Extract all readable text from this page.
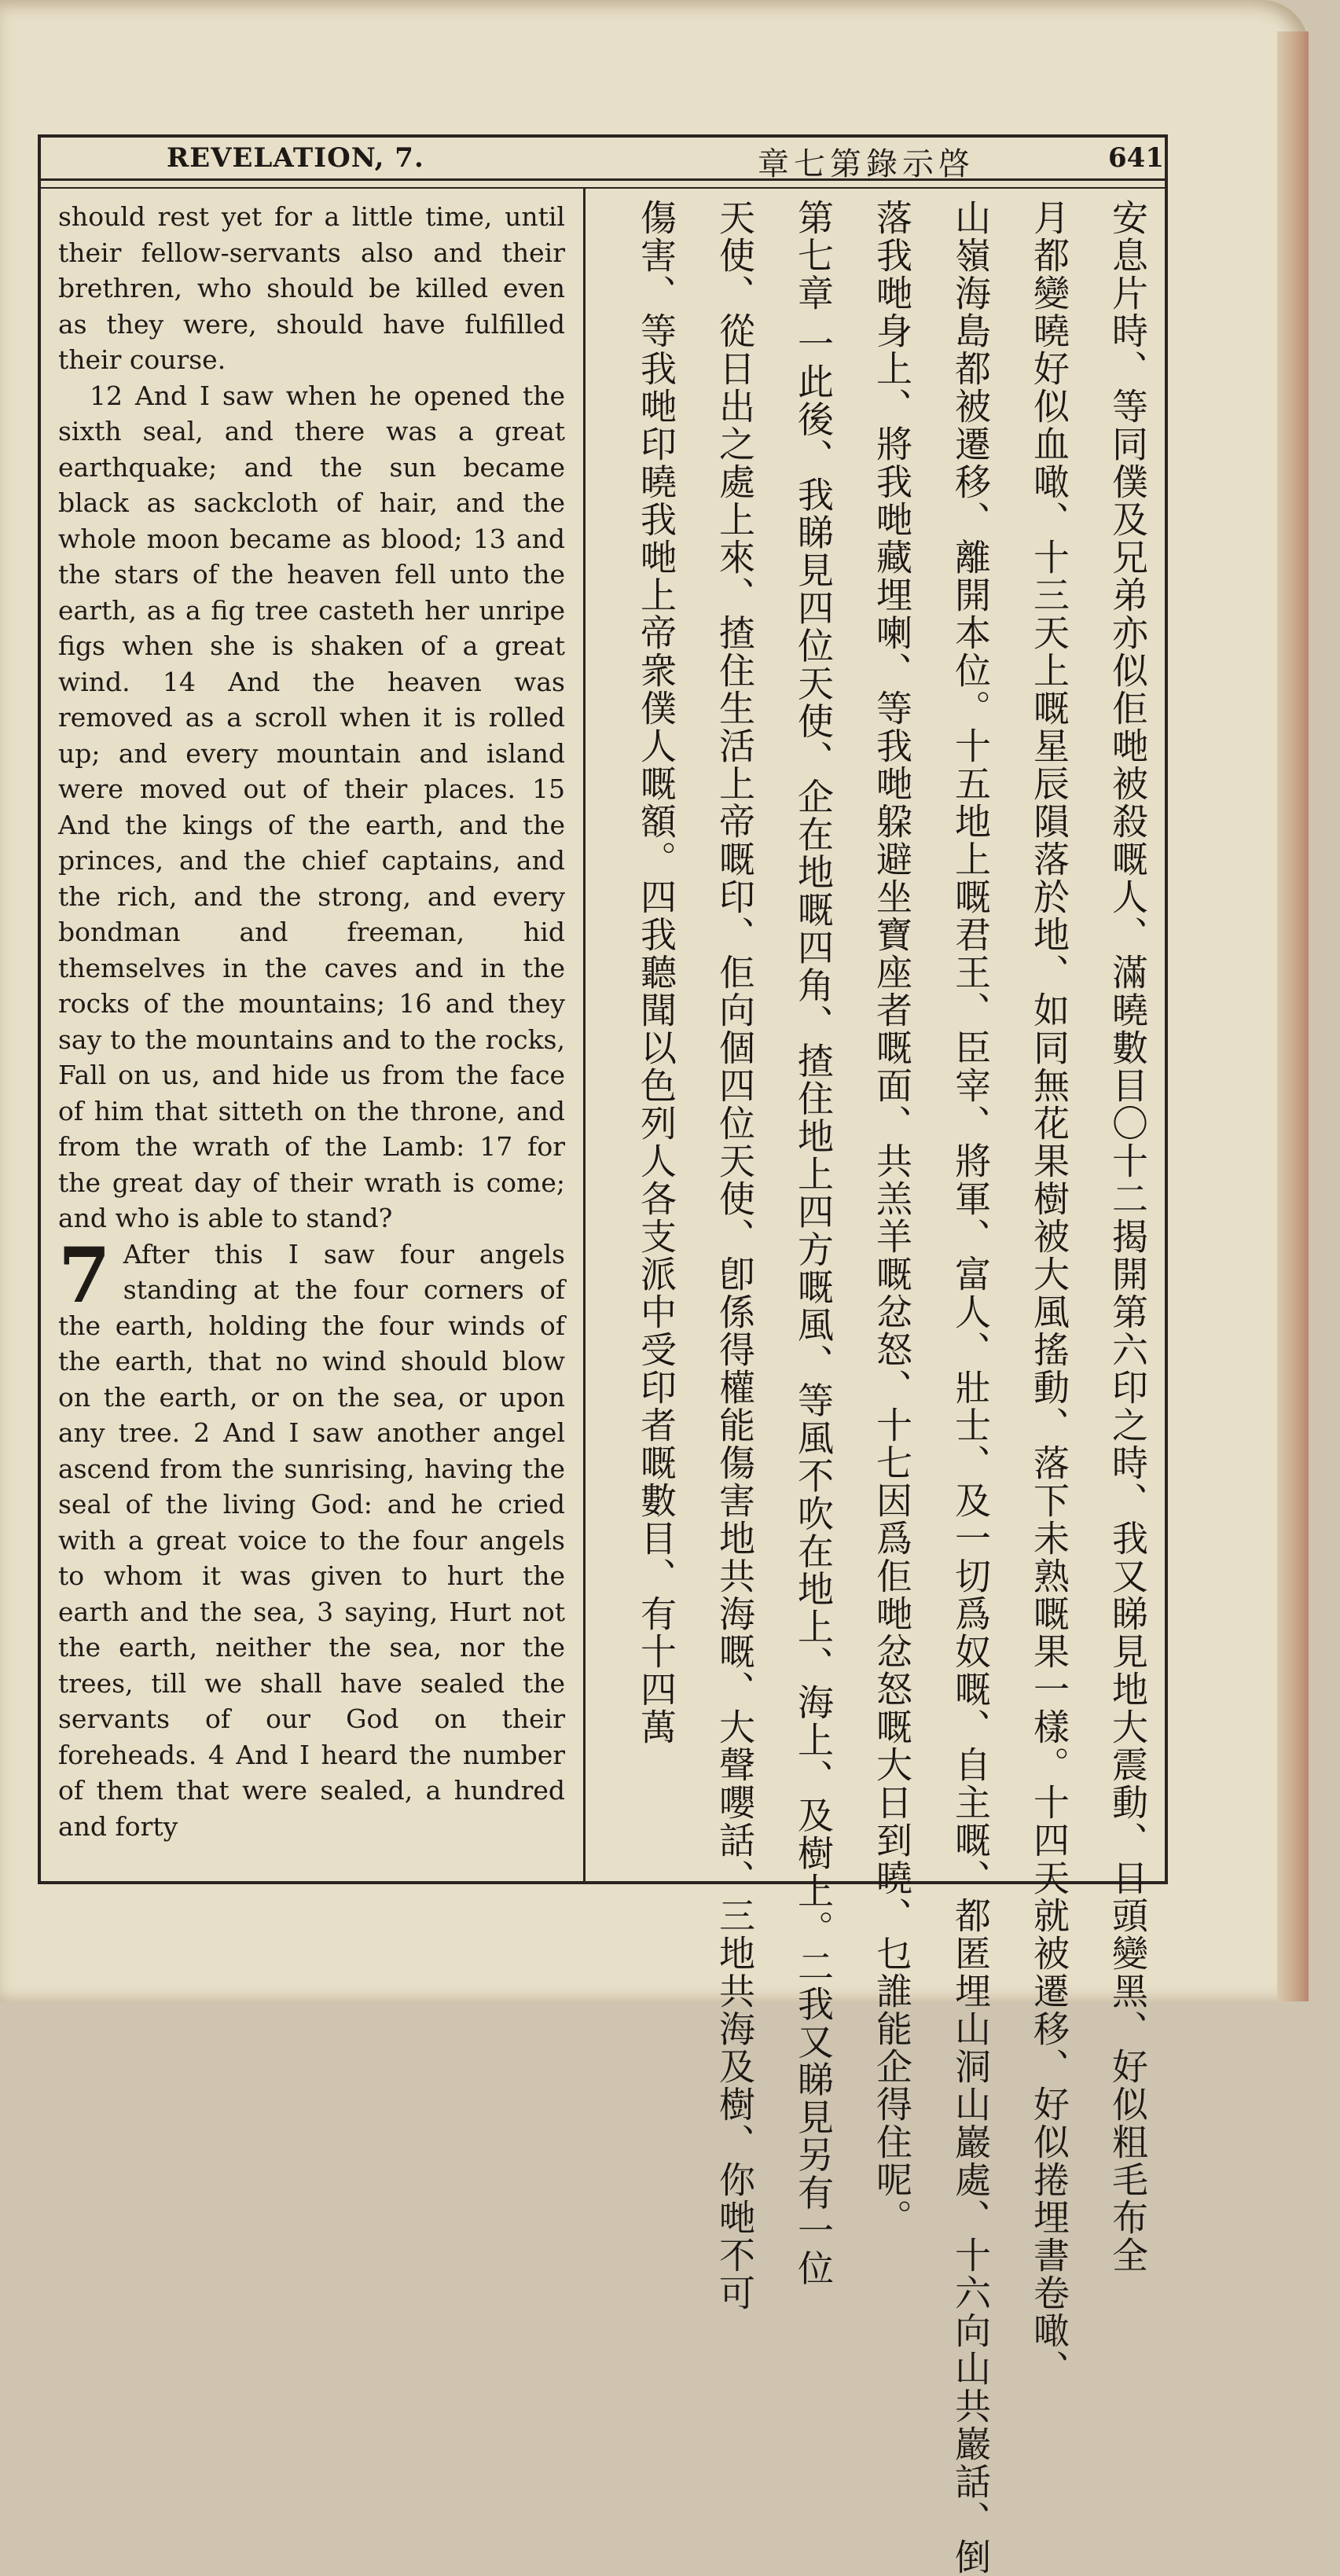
REVELATION, 7.	章七第錄示啓	641

should rest yet for a little time, until their fellow-servants also and their brethren, who should be killed even as they were, should have fulfilled their course.

12 And I saw when he opened the sixth seal, and there was a great earthquake; and the sun became black as sackcloth of hair, and the whole moon became as blood; 13 and the stars of the heaven fell unto the earth, as a fig tree casteth her unripe figs when she is shaken of a great wind. 14 And the heaven was removed as a scroll when it is rolled up; and every mountain and island were moved out of their places. 15 And the kings of the earth, and the princes, and the chief captains, and the rich, and the strong, and every bondman and freeman, hid themselves in the caves and in the rocks of the mountains; 16 and they say to the mountains and to the rocks, Fall on us, and hide us from the face of him that sitteth on the throne, and from the wrath of the Lamb: 17 for the great day of their wrath is come; and who is able to stand?

7 After this I saw four angels standing at the four corners of the earth, holding the four winds of the earth, that no wind should blow on the earth, or on the sea, or upon any tree. 2 And I saw another angel ascend from the sunrising, having the seal of the living God: and he cried with a great voice to the four angels to whom it was given to hurt the earth and the sea, 3 saying, Hurt not the earth, neither the sea, nor the trees, till we shall have sealed the servants of our God on their foreheads. 4 And I heard the number of them that were sealed, a hundred and forty	安息片時、等同僕及兄弟亦似佢哋被殺嘅人、滿曉數目〇十二揭開第六印之時、我又睇見地大震動、日頭變黑、好似粗毛布全
月都變曉好似血噉、十三天上嘅星辰隕落於地、如同無花果樹被大風搖動、落下未熟嘅果一樣。十四天就被遷移、好似捲埋書卷噉、
山嶺海島都被遷移、離開本位。十五地上嘅君王、臣宰、將軍、富人、壯士、及一切爲奴嘅、自主嘅、都匿埋山洞山巖處、十六向山共巖話、倒
落我哋身上、將我哋藏埋喇、等我哋躱避坐寶座者嘅面、共羔羊嘅忿怒、十七因爲佢哋忿怒嘅大日到曉、乜誰能企得住呢。
第七章 一此後、我睇見四位天使、企在地嘅四角、揸住地上四方嘅風、等風不吹在地上、海上、及樹上。二我又睇見另有一位
天使、從日出之處上來、揸住生活上帝嘅印、佢向個四位天使、卽係得權能傷害地共海嘅、大聲嚶話、三地共海及樹、你哋不可
傷害、等我哋印曉我哋上帝衆僕人嘅額。四我聽聞以色列人各支派中受印者嘅數目、有十四萬
